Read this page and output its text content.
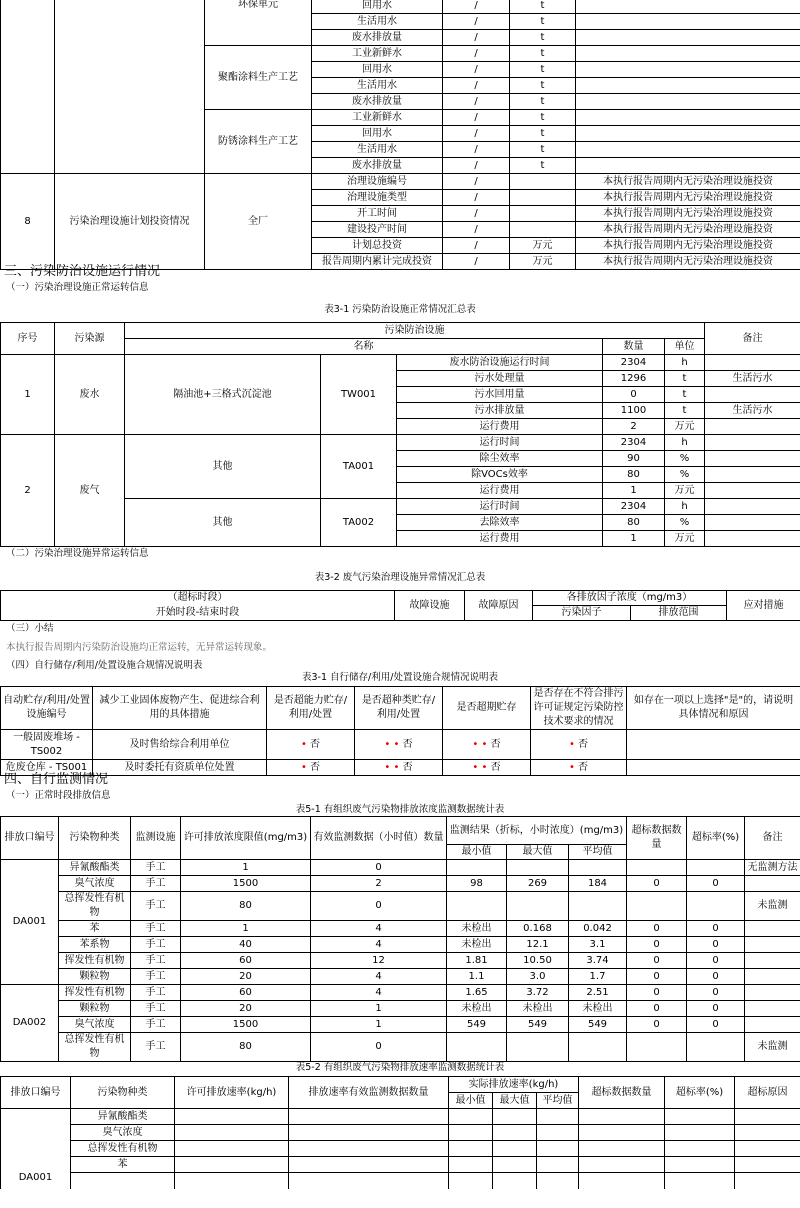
		环保单元	回用水	/	t	
			生活用水	/	t	
			废水排放量	/	t	
		聚酯涂料生产工艺	工业新鲜水	/	t	
			回用水	/	t	
			生活用水	/	t	
			废水排放量	/	t	
		防锈涂料生产工艺	工业新鲜水	/	t	
			回用水	/	t	
			生活用水	/	t	
			废水排放量	/	t	
8	污染治理设施计划投资情况	全厂	治理设施编号	/		本执行报告周期内无污染治理设施投资
			治理设施类型	/		本执行报告周期内无污染治理设施投资
			开工时间	/		本执行报告周期内无污染治理设施投资
			建设投产时间	/		本执行报告周期内无污染治理设施投资
			计划总投资	/	万元	本执行报告周期内无污染治理设施投资
			报告周期内累计完成投资	/	万元	本执行报告周期内无污染治理设施投资
三、污染防治设施运行情况
（一）污染治理设施正常运转信息
表3-1 污染防治设施正常情况汇总表
序号	污染源	污染防治设施					备注
		名称			数量	单位	
1	废水	隔油池+三格式沉淀池	TW001	废水防治设施运行时间	2304	h	
				污水处理量	1296	t	生活污水
				污水回用量	0	t	
				污水排放量	1100	t	生活污水
				运行费用	2	万元	
2	废气	其他	TA001	运行时间	2304	h	
				除尘效率	90	%	
				除VOCs效率	80	%	
				运行费用	1	万元	
		其他	TA002	运行时间	2304	h	
				去除效率	80	%	
				运行费用	1	万元	
（二）污染治理设施异常运转信息
表3-2 废气污染治理设施异常情况汇总表
（超标时段）	故障设施	故障原因	各排放因子浓度（mg/m3）		应对措施
开始时段-结束时段			污染因子	排放范围	
（三）小结
本执行报告周期内污染防治设施均正常运转，无异常运转现象。
（四）自行储存/利用/处置设施合规情况说明表
表3-1 自行储存/利用/处置设施合规情况说明表
自动贮存/利用/处置设施编号	减少工业固体废物产生、促进综合利用的具体措施	是否超能力贮存/利用/处置	是否超种类贮存/利用/处置	是否超期贮存	是否存在不符合排污许可证规定污染防控技术要求的情况	如存在一项以上选择"是"的，请说明具体情况和原因
一般固废堆场 - TS002	及时售给综合利用单位	• 否	• • 否	• • 否	• 否	
危废仓库 - TS001	及时委托有资质单位处置	• 否	• • 否	• • 否	• 否	
四、自行监测情况
（一）正常时段排放信息
表5-1 有组织废气污染物排放浓度监测数据统计表
排放口编号	污染物种类	监测设施	许可排放浓度限值(mg/m3)	有效监测数据（小时值）数量	监测结果（折标，小时浓度）(mg/m3)			超标数据数量	超标率(%)	备注
					最小值	最大值	平均值			
DA001	异氰酸酯类	手工	1	0						无监测方法
	臭气浓度	手工	1500	2	98	269	184	0	0	
	总挥发性有机物	手工	80	0						未监测
	苯	手工	1	4	未检出	0.168	0.042	0	0	
	苯系物	手工	40	4	未检出	12.1	3.1	0	0	
	挥发性有机物	手工	60	12	1.81	10.50	3.74	0	0	
	颗粒物	手工	20	4	1.1	3.0	1.7	0	0	
DA002	挥发性有机物	手工	60	4	1.65	3.72	2.51	0	0	
	颗粒物	手工	20	1	未检出	未检出	未检出	0	0	
	臭气浓度	手工	1500	1	549	549	549	0	0	
	总挥发性有机物	手工	80	0						未监测
表5-2 有组织废气污染物排放速率监测数据统计表
排放口编号	污染物种类	许可排放速率(kg/h)	排放速率有效监测数据数量	实际排放速率(kg/h)			超标数据数量	超标率(%)	超标原因
				最小值	最大值	平均值			
DA001	异氰酸酯类								
	臭气浓度								
	总挥发性有机物								
	苯								
